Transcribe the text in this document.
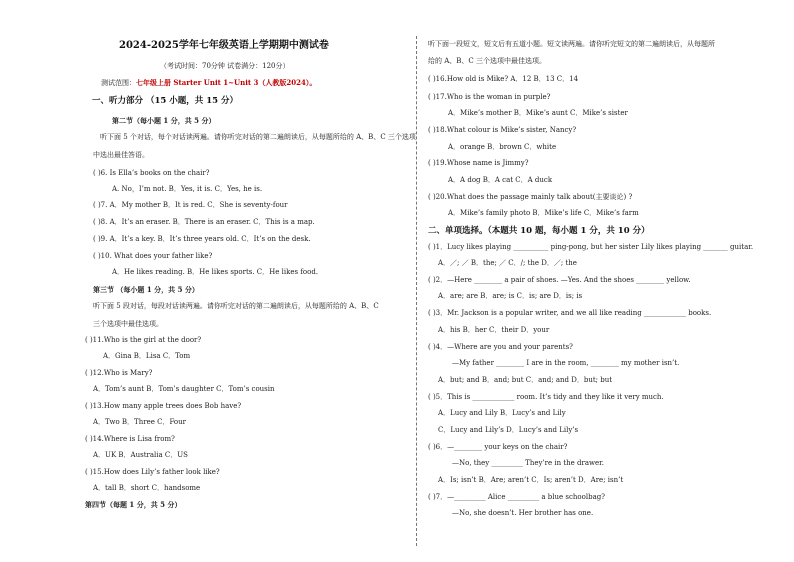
2024-2025学年七年级英语上学期期中测试卷
（考试时间：70分钟 试卷满分：120分）
测试范围：七年级上册 Starter Unit 1~Unit 3（人教版2024）。
一、听力部分 （15 小题，共 15 分）
第二节（每小题 1 分，共 5 分）
听下面 5 个对话，每个对话读两遍。请你听完对话的第二遍朗读后，从每题所给的 A、B、C 三个选项
中选出最佳答语。
( )6. Is Ella’s books on the chair?
A. No，I’m not. B．Yes, it is. C．Yes, he is.
( )7. A．My mother B．It is red. C．She is seventy-four
( )8. A．It’s an eraser. B．There is an eraser. C．This is a map.
( )9. A．It’s a key. B．It’s three years old. C．It’s on the desk.
( )10. What does your father like?
A．He likes reading. B．He likes sports. C．He likes food.
第三节 （每小题 1 分，共 5 分）
听下面 5 段对话，每段对话读两遍。请你听完对话的第二遍朗读后，从每题所给的 A、B、C
三个选项中最佳选项。
( )11.Who is the girl at the door?
A．Gina B．Lisa C．Tom
( )12.Who is Mary?
A．Tom’s aunt B．Tom’s daughter C．Tom’s cousin
( )13.How many apple trees does Bob have?
A．Two B．Three C．Four
( )14.Where is Lisa from?
A．UK B．Australia C．US
( )15.How does Lily’s father look like?
A．tall B．short C．handsome
第四节（每题 1 分，共 5 分）
听下面一段短文，短文后有五道小题。短文读两遍。请你听完短文的第二遍朗读后，从每题所
给的 A、B、C 三个选项中最佳选项。
( )16.How old is Mike? A．12 B．13 C．14
( )17.Who is the woman in purple?
A．Mike’s mother B．Mike’s aunt C．Mike’s sister
( )18.What colour is Mike’s sister, Nancy?
A．orange B．brown C．white
( )19.Whose name is Jimmy?
A．A dog B．A cat C．A duck
( )20.What does the passage mainly talk about(主要谈论) ?
A．Mike’s family photo B．Mike’s life C．Mike’s farm
二、单项选择。（本题共 10 题，每小题 1 分，共 10 分）
( )1．Lucy likes playing __________ ping-pong, but her sister Lily likes playing _______ guitar.
A．／; ／ B．the; ／ C．/; the D．／; the
( )2．—Here ________ a pair of shoes. —Yes. And the shoes ________ yellow.
A．are; are B．are; is C．is; are D．is; is
( )3．Mr. Jackson is a popular writer, and we all like reading ____________ books.
A．his B．her C．their D．your
( )4．—Where are you and your parents?
—My father ________ I are in the room, ________ my mother isn’t.
A．but; and B．and; but C．and; and D．but; but
( )5．This is ____________ room. It’s tidy and they like it very much.
A．Lucy and Lily B．Lucy’s and Lily
C．Lucy and Lily’s D．Lucy’s and Lily’s
( )6．—________ your keys on the chair?
—No, they _________ They’re in the drawer.
A．Is; isn’t B．Are; aren’t C．Is; aren’t D．Are; isn’t
( )7．—_________ Alice _________ a blue schoolbag?
—No, she doesn’t. Her brother has one.
